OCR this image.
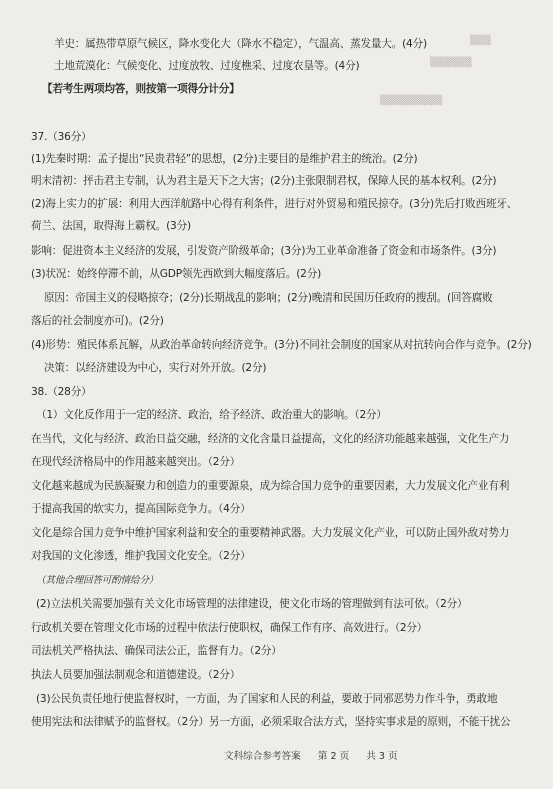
▒▒▒
▒▒▒▒▒▒
▒▒▒▒▒▒▒▒▒
羊史：属热带草原气候区，降水变化大（降水不稳定），气温高、蒸发量大。(4分)
土地荒漠化：气候变化、过度放牧、过度樵采、过度农垦等。(4分)
【若考生两项均答，则按第一项得分计分】
37.（36分）
(1)先秦时期：孟子提出“民贵君轻”的思想，(2分)主要目的是维护君主的统治。(2分)
明末清初：抨击君主专制，认为君主是天下之大害；(2分)主张限制君权，保障人民的基本权利。(2分)
(2)海上实力的扩展：利用大西洋航路中心得有利条件，进行对外贸易和殖民掠夺。(3分)先后打败西班牙、
荷兰、法国，取得海上霸权。(3分)
影响：促进资本主义经济的发展，引发资产阶级革命；(3分)为工业革命准备了资金和市场条件。(3分)
(3)状况：始终停滞不前，从GDP领先西欧到大幅度落后。(2分)
原因：帝国主义的侵略掠夺；(2分)长期战乱的影响；(2分)晚清和民国历任政府的搜刮。(回答腐败
落后的社会制度亦可)。(2分)
(4)形势：殖民体系瓦解，从政治革命转向经济竞争。(3分)不同社会制度的国家从对抗转向合作与竞争。(2分)
决策：以经济建设为中心，实行对外开放。(2分)
38.（28分）
（1）文化反作用于一定的经济、政治，给予经济、政治重大的影响。（2分）
在当代，文化与经济、政治日益交融，经济的文化含量日益提高，文化的经济功能越来越强，文化生产力
在现代经济格局中的作用越来越突出。（2分）
文化越来越成为民族凝聚力和创造力的重要源泉，成为综合国力竞争的重要因素，大力发展文化产业有利
于提高我国的软实力，提高国际竞争力。（4分）
文化是综合国力竞争中维护国家利益和安全的重要精神武器。大力发展文化产业，可以防止国外敌对势力
对我国的文化渗透，维护我国文化安全。（2分）
（其他合理回答可酌情给分）
(2)立法机关需要加强有关文化市场管理的法律建设，使文化市场的管理做到有法可依。（2分）
行政机关要在管理文化市场的过程中依法行使职权，确保工作有序、高效进行。（2分）
司法机关严格执法、确保司法公正，监督有力。（2分）
执法人员要加强法制观念和道德建设。（2分）
(3)公民负责任地行使监督权时，一方面，为了国家和人民的利益，要敢于同邪恶势力作斗争，勇敢地
使用宪法和法律赋予的监督权。（2分）另一方面，必须采取合法方式，坚持实事求是的原则，不能干扰公
文科综合参考答案 第 2 页 共 3 页
